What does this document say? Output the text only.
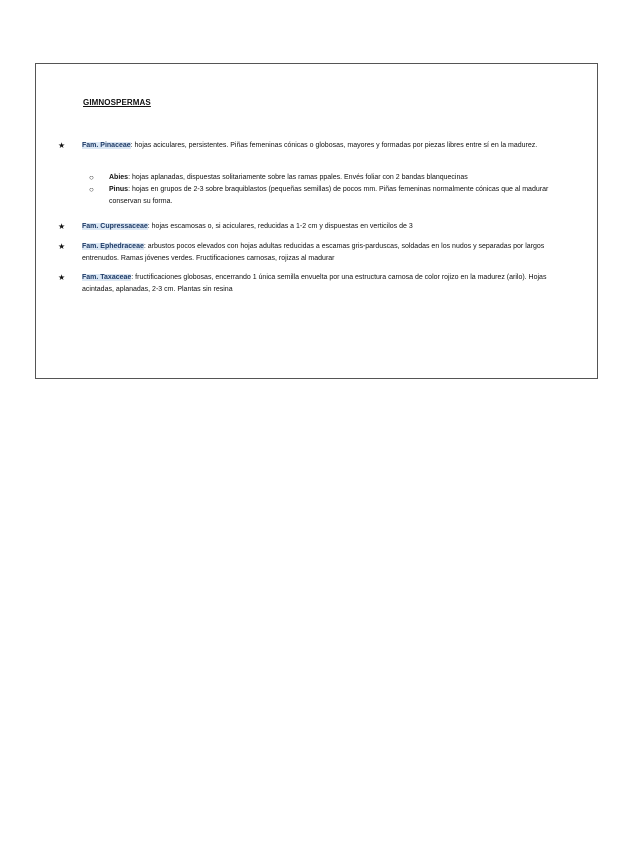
GIMNOSPERMAS
★	Fam. Pinaceae: hojas aciculares, persistentes. Piñas femeninas cónicas o globosas, mayores y formadas por piezas libres entre sí en la madurez.
○	Abies: hojas aplanadas, dispuestas solitariamente sobre las ramas ppales. Envés foliar con 2 bandas blanquecinas
○	Pinus: hojas en grupos de 2-3 sobre braquiblastos (pequeñas semillas) de pocos mm. Piñas femeninas normalmente cónicas que al madurar conservan su forma.
★	Fam. Cupressaceae: hojas escamosas o, si aciculares, reducidas a 1-2 cm y dispuestas en verticilos de 3
★	Fam. Ephedraceae: arbustos pocos elevados con hojas adultas reducidas a escamas gris-parduscas, soldadas en los nudos y separadas por largos entrenudos. Ramas jóvenes verdes. Fructificaciones carnosas, rojizas al madurar
★	Fam. Taxaceae: fructificaciones globosas, encerrando 1 única semilla envuelta por una estructura carnosa de color rojizo en la madurez (arilo). Hojas acintadas, aplanadas, 2-3 cm. Plantas sin resina
